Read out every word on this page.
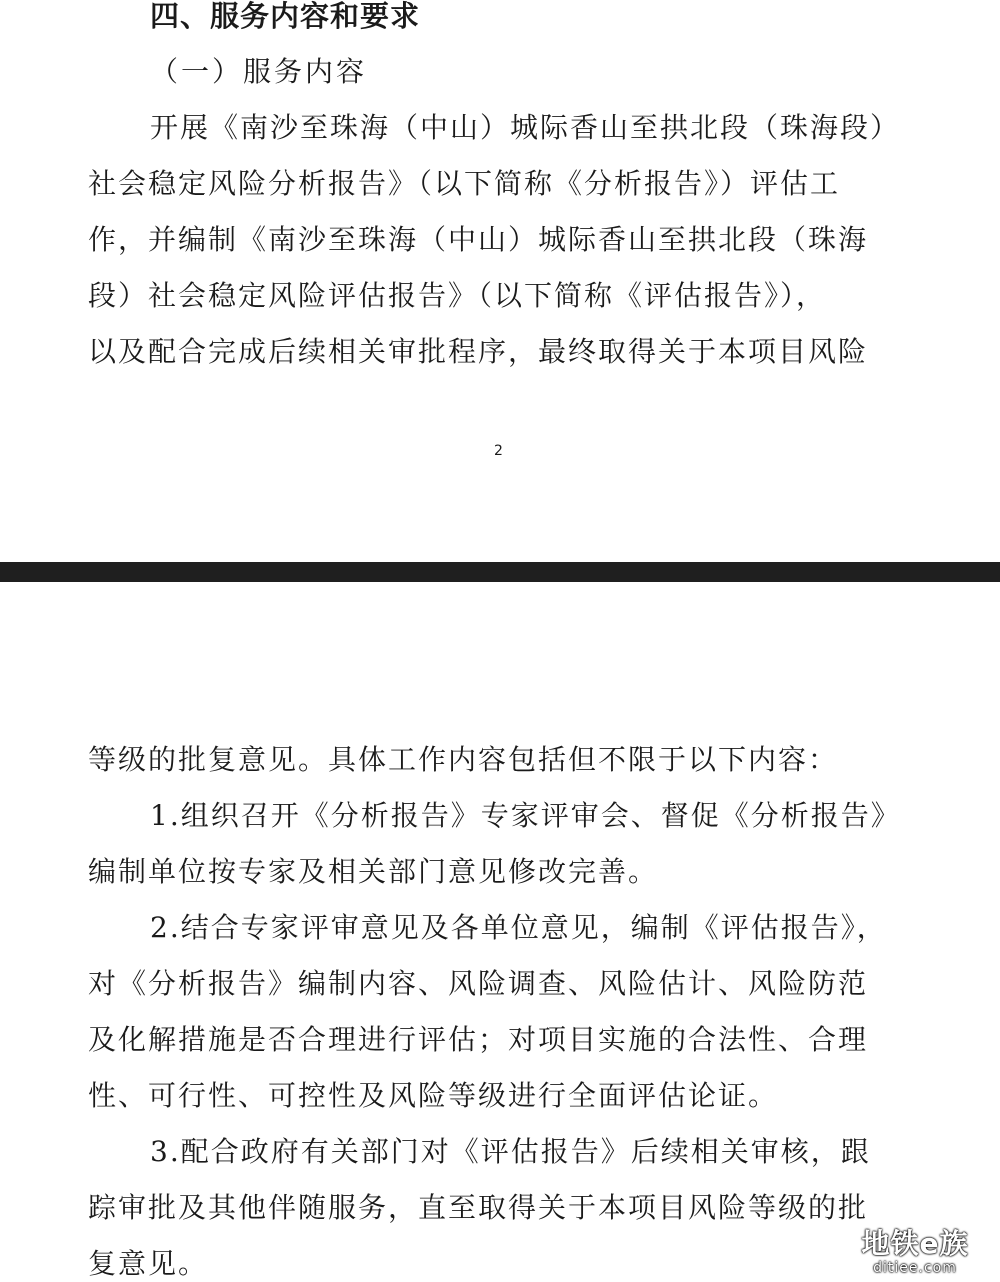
四、服务内容和要求
（一）服务内容
开展《南沙至珠海（中山）城际香山至拱北段（珠海段）
社会稳定风险分析报告》（以下简称《分析报告》）评估工
作，并编制《南沙至珠海（中山）城际香山至拱北段（珠海
段）社会稳定风险评估报告》（以下简称《评估报告》），
以及配合完成后续相关审批程序，最终取得关于本项目风险
2
等级的批复意见。具体工作内容包括但不限于以下内容：
1.组织召开《分析报告》专家评审会、督促《分析报告》
编制单位按专家及相关部门意见修改完善。
2.结合专家评审意见及各单位意见，编制《评估报告》，
对《分析报告》编制内容、风险调查、风险估计、风险防范
及化解措施是否合理进行评估；对项目实施的合法性、合理
性、可行性、可控性及风险等级进行全面评估论证。
3.配合政府有关部门对《评估报告》后续相关审核，跟
踪审批及其他伴随服务，直至取得关于本项目风险等级的批
复意见。
地铁e族
ditiee.com
